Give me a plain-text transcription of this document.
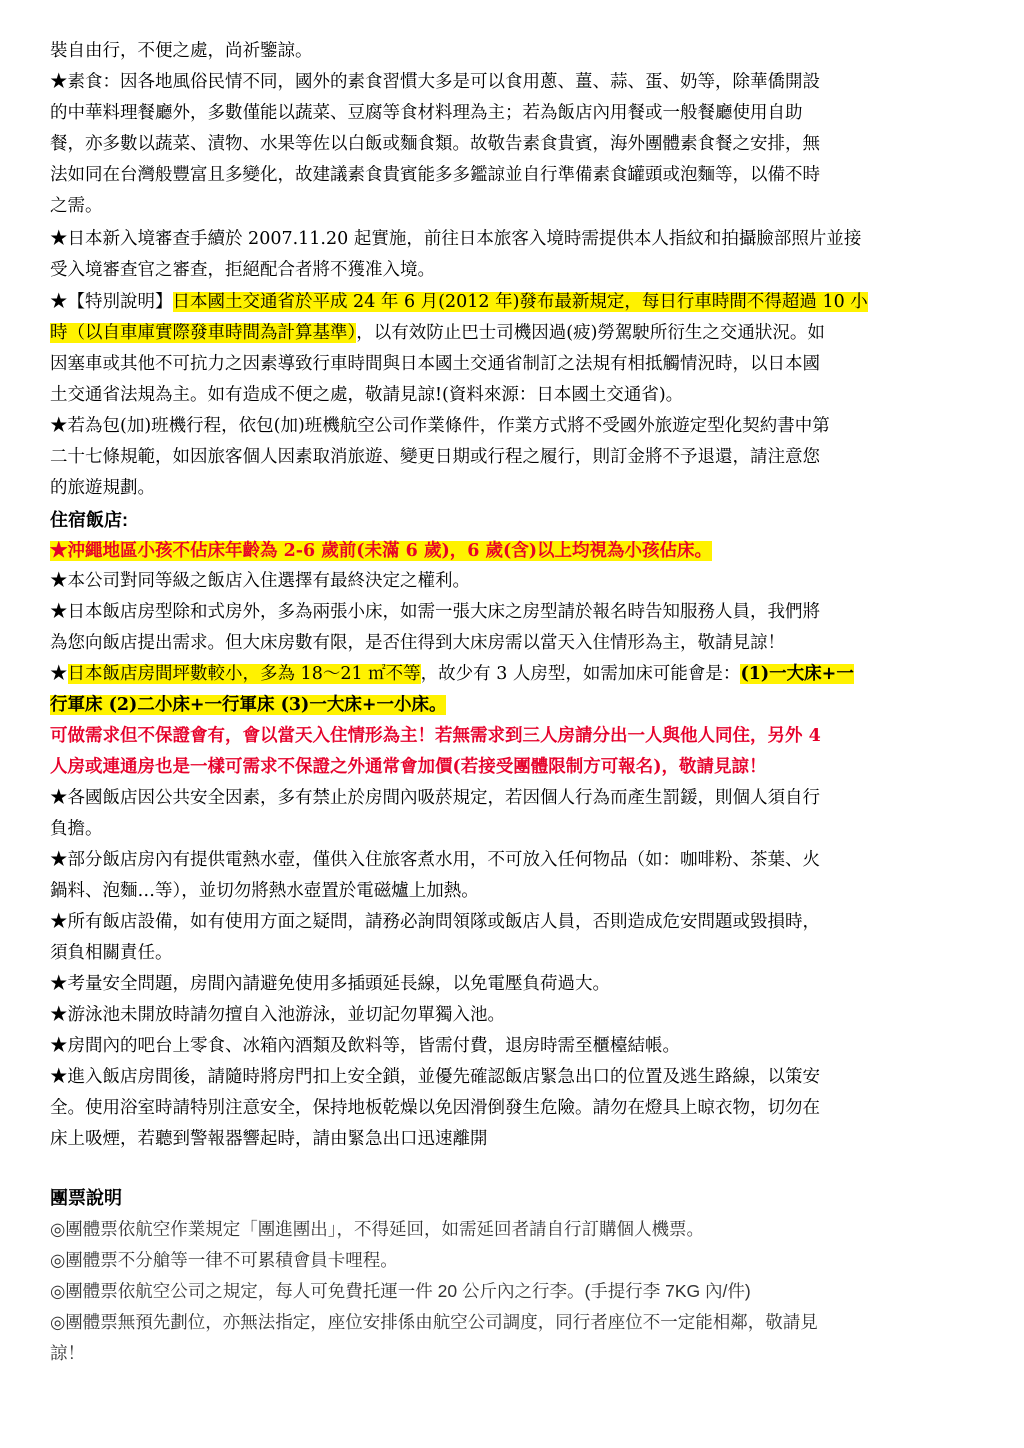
裝自由行，不便之處，尚祈鑒諒。
★素食：因各地風俗民情不同，國外的素食習慣大多是可以食用蔥、薑、蒜、蛋、奶等，除華僑開設
的中華料理餐廳外，多數僅能以蔬菜、豆腐等食材料理為主；若為飯店內用餐或一般餐廳使用自助
餐，亦多數以蔬菜、漬物、水果等佐以白飯或麵食類。故敬告素食貴賓，海外團體素食餐之安排，無
法如同在台灣般豐富且多變化，故建議素食貴賓能多多鑑諒並自行準備素食罐頭或泡麵等，以備不時
之需。
★日本新入境審查手續於 2007.11.20 起實施，前往日本旅客入境時需提供本人指紋和拍攝臉部照片並接
受入境審查官之審查，拒絕配合者將不獲准入境。
★【特別說明】日本國土交通省於平成 24 年 6 月(2012 年)發布最新規定，每日行車時間不得超過 10 小
時（以自車庫實際發車時間為計算基準），以有效防止巴士司機因過(疲)勞駕駛所衍生之交通狀況。如
因塞車或其他不可抗力之因素導致行車時間與日本國土交通省制訂之法規有相抵觸情況時，以日本國
土交通省法規為主。如有造成不便之處，敬請見諒!(資料來源：日本國土交通省)。
★若為包(加)班機行程，依包(加)班機航空公司作業條件，作業方式將不受國外旅遊定型化契約書中第
二十七條規範，如因旅客個人因素取消旅遊、變更日期或行程之履行，則訂金將不予退還，請注意您
的旅遊規劃。
住宿飯店:
★沖繩地區小孩不佔床年齡為 2-6 歲前(未滿 6 歲)，6 歲(含)以上均視為小孩佔床。
★本公司對同等級之飯店入住選擇有最終決定之權利。
★日本飯店房型除和式房外，多為兩張小床，如需一張大床之房型請於報名時告知服務人員，我們將
為您向飯店提出需求。但大床房數有限，是否住得到大床房需以當天入住情形為主，敬請見諒！
★日本飯店房間坪數較小，多為 18～21 ㎡不等，故少有 3 人房型，如需加床可能會是：(1)一大床+一
行軍床 (2)二小床+一行軍床 (3)一大床+一小床。
可做需求但不保證會有，會以當天入住情形為主！若無需求到三人房請分出一人與他人同住，另外 4
人房或連通房也是一樣可需求不保證之外通常會加價(若接受團體限制方可報名)，敬請見諒！
★各國飯店因公共安全因素，多有禁止於房間內吸菸規定，若因個人行為而產生罰鍰，則個人須自行
負擔。
★部分飯店房內有提供電熱水壺，僅供入住旅客煮水用，不可放入任何物品（如：咖啡粉、茶葉、火
鍋料、泡麵…等），並切勿將熱水壺置於電磁爐上加熱。
★所有飯店設備，如有使用方面之疑問，請務必詢問領隊或飯店人員，否則造成危安問題或毀損時，
須負相關責任。
★考量安全問題，房間內請避免使用多插頭延長線，以免電壓負荷過大。
★游泳池未開放時請勿擅自入池游泳，並切記勿單獨入池。
★房間內的吧台上零食、冰箱內酒類及飲料等，皆需付費，退房時需至櫃檯結帳。
★進入飯店房間後，請隨時將房門扣上安全鎖，並優先確認飯店緊急出口的位置及逃生路線，以策安
全。使用浴室時請特別注意安全，保持地板乾燥以免因滑倒發生危險。請勿在燈具上晾衣物，切勿在
床上吸煙，若聽到警報器響起時，請由緊急出口迅速離開
團票說明
◎團體票依航空作業規定「團進團出」，不得延回，如需延回者請自行訂購個人機票。
◎團體票不分艙等一律不可累積會員卡哩程。
◎團體票依航空公司之規定，每人可免費托運一件 20 公斤內之行李。(手提行李 7KG 內/件)
◎團體票無預先劃位，亦無法指定，座位安排係由航空公司調度，同行者座位不一定能相鄰，敬請見
諒！
